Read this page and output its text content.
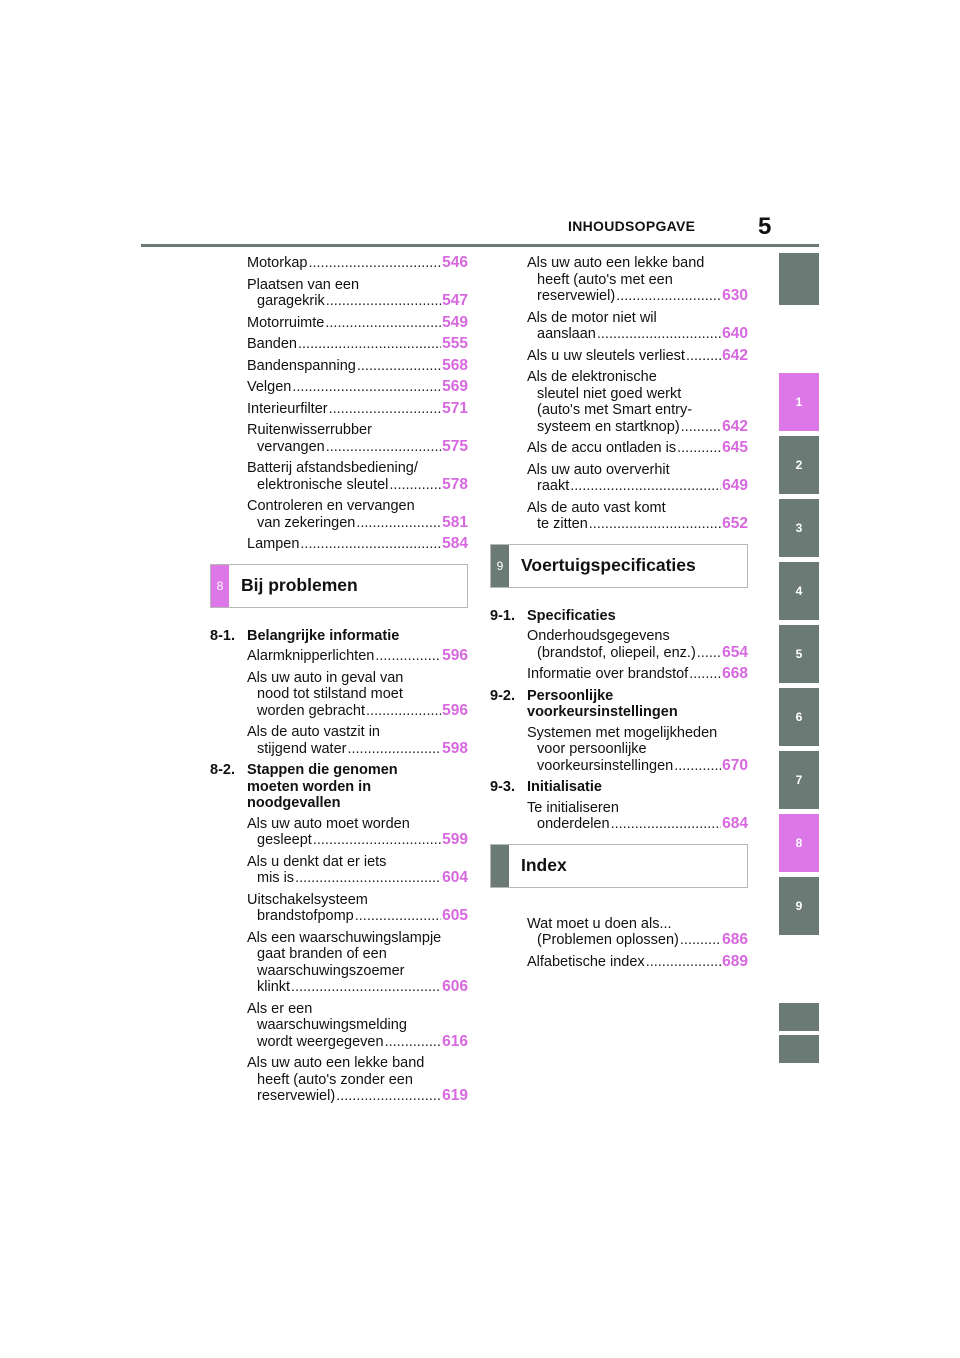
INHOUDSOPGAVE	5
Motorkap .....	546
Plaatsen van een
garagekrik .....	547
Motorruimte .....	549
Banden .....	555
Bandenspanning .....	568
Velgen .....	569
Interieurfilter .....	571
Ruitenwisserrubber
vervangen .....	575
Batterij afstandsbediening/
elektronische sleutel .....	578
Controleren en vervangen
van zekeringen .....	581
Lampen .....	584
8	Bij problemen
8-1. Belangrijke informatie
Alarmknipperlichten .....	596
Als uw auto in geval van
nood tot stilstand moet
worden gebracht .....	596
Als de auto vastzit in
stijgend water .....	598
8-2. Stappen die genomen
moeten worden in
noodgevallen
Als uw auto moet worden
gesleept .....	599
Als u denkt dat er iets
mis is .....	604
Uitschakelsysteem
brandstofpomp .....	605
Als een waarschuwingslampje
gaat branden of een
waarschuwingszoemer
klinkt .....	606
Als er een
waarschuwingsmelding
wordt weergegeven .....	616
Als uw auto een lekke band
heeft (auto's zonder een
reservewiel) .....	619
Als uw auto een lekke band
heeft (auto's met een
reservewiel) .....	630
Als de motor niet wil
aanslaan .....	640
Als u uw sleutels verliest ..... 642
Als de elektronische
sleutel niet goed werkt
(auto's met Smart entry-
systeem en startknop) .....	642
Als de accu ontladen is .....	645
Als uw auto oververhit
raakt .....	649
Als de auto vast komt
te zitten .....	652
9	Voertuigspecificaties
9-1. Specificaties
Onderhoudsgegevens
(brandstof, oliepeil, enz.) ..... 654
Informatie over brandstof ..... 668
9-2. Persoonlijke
voorkeursinstellingen
Systemen met mogelijkheden
voor persoonlijke
voorkeursinstellingen .....	670
9-3. Initialisatie
Te initialiseren
onderdelen .....	684
Index
Wat moet u doen als...
(Problemen oplossen) .....	686
Alfabetische index .....	689
1
2
3
4
5
6
7
8
9
